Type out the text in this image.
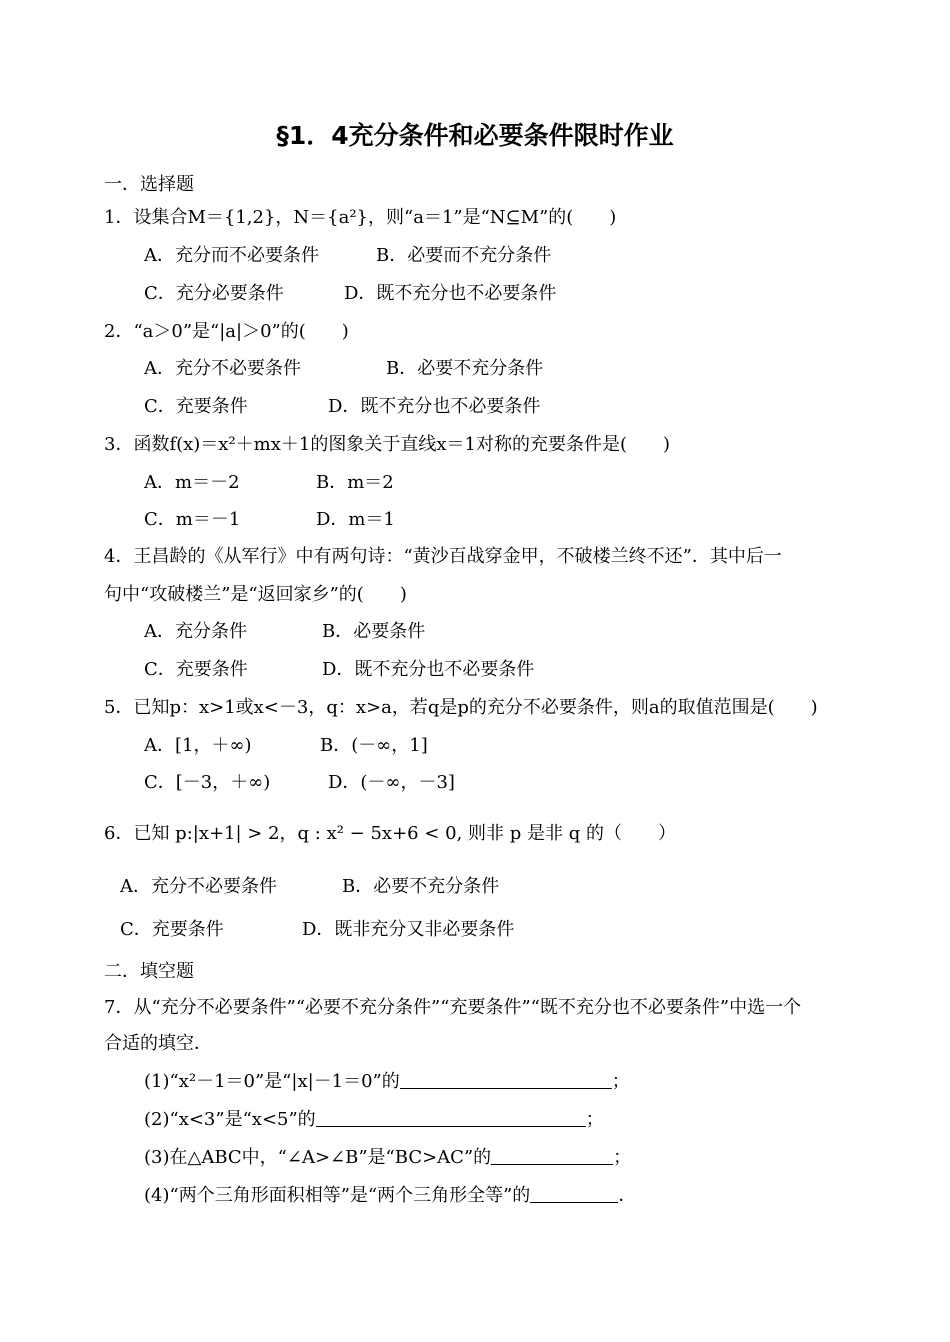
§1．4充分条件和必要条件限时作业
一．选择题
1．设集合M＝{1,2}，N＝{a²}，则“a＝1”是“N⊆M”的(　　)
A．充分而不必要条件	B．必要而不充分条件
C．充分必要条件	D．既不充分也不必要条件
2．“a＞0”是“|a|＞0”的(　　)
A．充分不必要条件	B．必要不充分条件
C．充要条件	D．既不充分也不必要条件
3．函数f(x)＝x²＋mx＋1的图象关于直线x＝1对称的充要条件是(　　)
A．m＝－2	B．m＝2
C．m＝－1	D．m＝1
4．王昌龄的《从军行》中有两句诗：“黄沙百战穿金甲，不破楼兰终不还”．其中后一
句中“攻破楼兰”是“返回家乡”的(　　)
A．充分条件	B．必要条件
C．充要条件	D．既不充分也不必要条件
5．已知p：x>1或x<－3，q：x>a，若q是p的充分不必要条件，则a的取值范围是(　　)
A．[1，＋∞)	B．(－∞，1]
C．[－3，＋∞)	D．(－∞，－3]
6．已知 p:|x+1| > 2，q : x² − 5x+6 < 0, 则非 p 是非 q 的（　　）
A．充分不必要条件	B．必要不充分条件
C．充要条件	D．既非充分又非必要条件
二．填空题
7．从“充分不必要条件”“必要不充分条件”“充要条件”“既不充分也不必要条件”中选一个
合适的填空．
(1)“x²－1＝0”是“|x|－1＝0”的	；
(2)“x<3”是“x<5”的	；
(3)在△ABC中，“∠A>∠B”是“BC>AC”的	；
(4)“两个三角形面积相等”是“两个三角形全等”的	．
